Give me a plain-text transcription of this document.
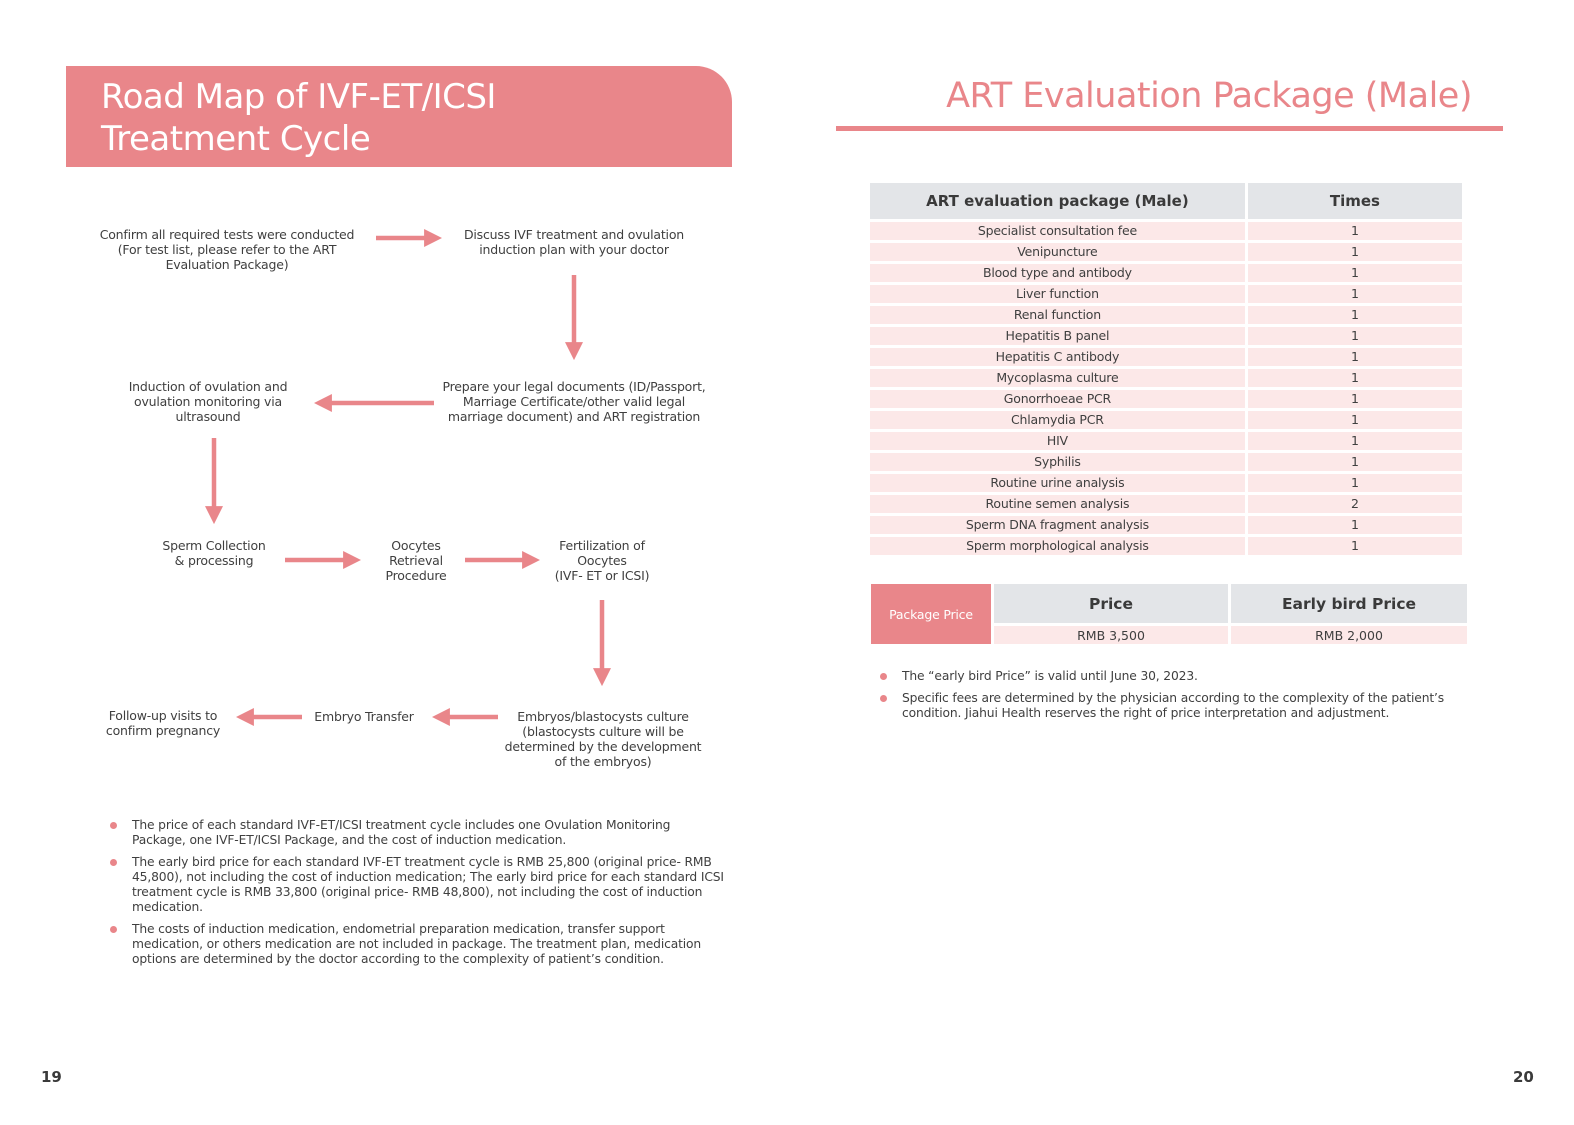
Road Map of IVF-ET/ICSI
Treatment Cycle
Confirm all required tests were conducted
(For test list, please refer to the ART
Evaluation Package)
Discuss IVF treatment and ovulation
induction plan with your doctor
Prepare your legal documents (ID/Passport,
Marriage Certificate/other valid legal
marriage document) and ART registration
Induction of ovulation and
ovulation monitoring via
ultrasound
Sperm Collection
& processing
Oocytes
Retrieval
Procedure
Fertilization of
Oocytes
(IVF- ET or ICSI)
Embryos/blastocysts culture
(blastocysts culture will be
determined by the development
of the embryos)
Embryo Transfer
Follow-up visits to
confirm pregnancy
The price of each standard IVF-ET/ICSI treatment cycle includes one Ovulation Monitoring
Package, one IVF-ET/ICSI Package, and the cost of induction medication.
The early bird price for each standard IVF-ET treatment cycle is RMB 25,800 (original price- RMB
45,800), not including the cost of induction medication; The early bird price for each standard ICSI
treatment cycle is RMB 33,800 (original price- RMB 48,800), not including the cost of induction
medication.
The costs of induction medication, endometrial preparation medication, transfer support
medication, or others medication are not included in package. The treatment plan, medication
options are determined by the doctor according to the complexity of patient’s condition.
19
ART Evaluation Package (Male)
ART evaluation package (Male)	Times
Specialist consultation fee	1
Venipuncture	1
Blood type and antibody	1
Liver function	1
Renal function	1
Hepatitis B panel	1
Hepatitis C antibody	1
Mycoplasma culture	1
Gonorrhoeae PCR	1
Chlamydia PCR	1
HIV	1
Syphilis	1
Routine urine analysis	1
Routine semen analysis	2
Sperm DNA fragment analysis	1
Sperm morphological analysis	1
Package Price
Price	Early bird Price
RMB 3,500	RMB 2,000
The “early bird Price” is valid until June 30, 2023.
Specific fees are determined by the physician according to the complexity of the patient’s
condition. Jiahui Health reserves the right of price interpretation and adjustment.
20
